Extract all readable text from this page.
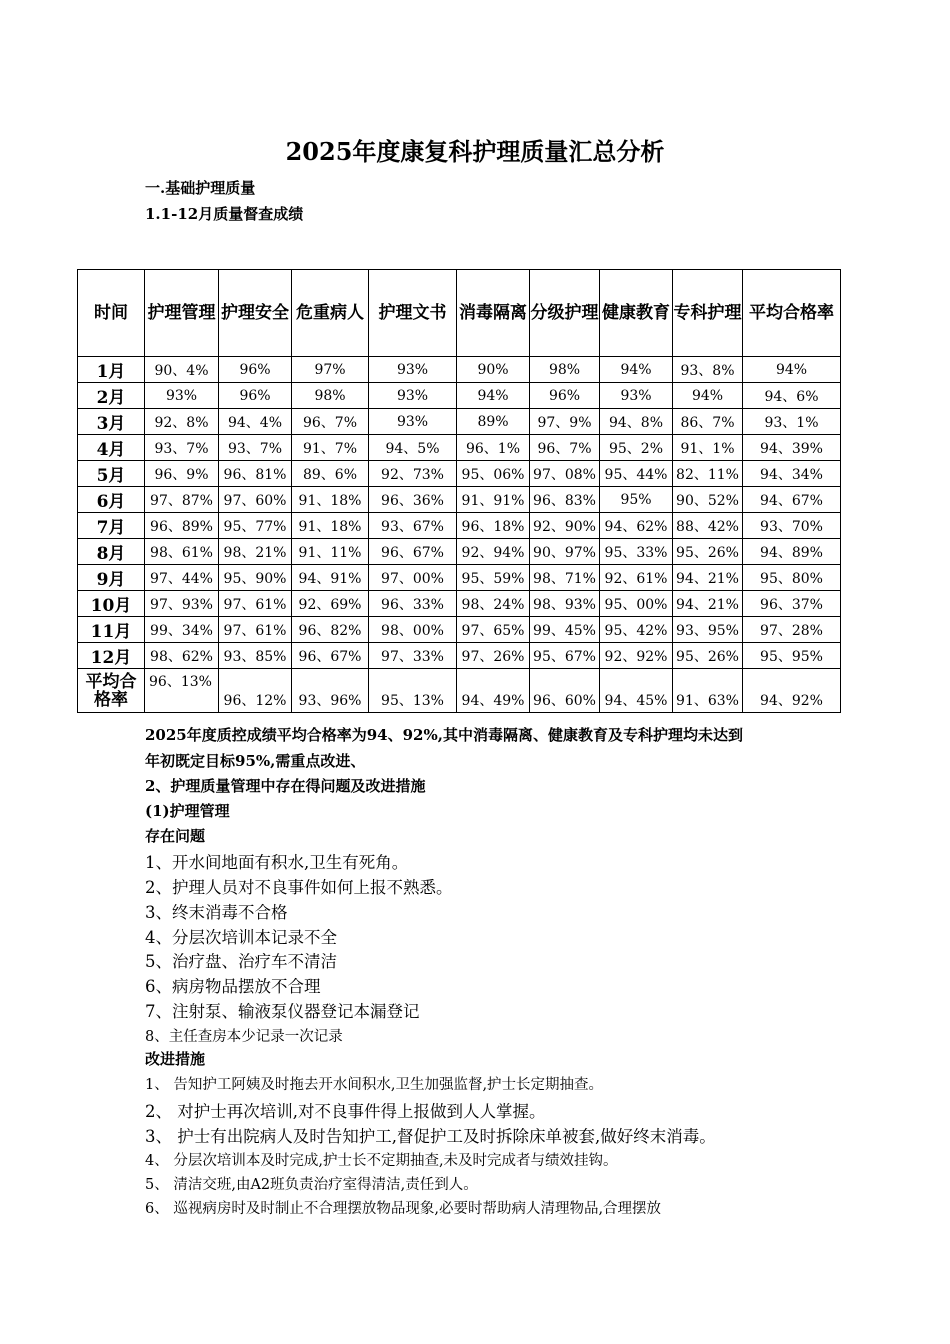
2025年度康复科护理质量汇总分析
一.基础护理质量
1.1-12月质量督查成绩
时间	护理管理	护理安全	危重病人	护理文书	消毒隔离	分级护理	健康教育	专科护理	平均合格率
1月	90、4%	96%	97%	93%	90%	98%	94%	93、8%	94%
2月	93%	96%	98%	93%	94%	96%	93%	94%	94、6%
3月	92、8%	94、4%	96、7%	93%	89%	97、9%	94、8%	86、7%	93、1%
4月	93、7%	93、7%	91、7%	94、5%	96、1%	96、7%	95、2%	91、1%	94、39%
5月	96、9%	96、81%	89、6%	92、73%	95、06%	97、08%	95、44%	82、11%	94、34%
6月	97、87%	97、60%	91、18%	96、36%	91、91%	96、83%	95%	90、52%	94、67%
7月	96、89%	95、77%	91、18%	93、67%	96、18%	92、90%	94、62%	88、42%	93、70%
8月	98、61%	98、21%	91、11%	96、67%	92、94%	90、97%	95、33%	95、26%	94、89%
9月	97、44%	95、90%	94、91%	97、00%	95、59%	98、71%	92、61%	94、21%	95、80%
10月	97、93%	97、61%	92、69%	96、33%	98、24%	98、93%	95、00%	94、21%	96、37%
11月	99、34%	97、61%	96、82%	98、00%	97、65%	99、45%	95、42%	93、95%	97、28%
12月	98、62%	93、85%	96、67%	97、33%	97、26%	95、67%	92、92%	95、26%	95、95%
平均合格率	96、13%	96、12%	93、96%	95、13%	94、49%	96、60%	94、45%	91、63%	94、92%
2025年度质控成绩平均合格率为94、92%,其中消毒隔离、健康教育及专科护理均未达到
年初既定目标95%,需重点改进、
2、护理质量管理中存在得问题及改进措施
(1)护理管理
存在问题
1、开水间地面有积水,卫生有死角。
2、护理人员对不良事件如何上报不熟悉。
3、终末消毒不合格
4、分层次培训本记录不全
5、治疗盘、治疗车不清洁
6、病房物品摆放不合理
7、注射泵、输液泵仪器登记本漏登记
8、主任查房本少记录一次记录
改进措施
1、 告知护工阿姨及时拖去开水间积水,卫生加强监督,护士长定期抽查。
2、 对护士再次培训,对不良事件得上报做到人人掌握。
3、 护士有出院病人及时告知护工,督促护工及时拆除床单被套,做好终末消毒。
4、 分层次培训本及时完成,护士长不定期抽查,未及时完成者与绩效挂钩。
5、 清洁交班,由A2班负责治疗室得清洁,责任到人。
6、 巡视病房时及时制止不合理摆放物品现象,必要时帮助病人清理物品,合理摆放
